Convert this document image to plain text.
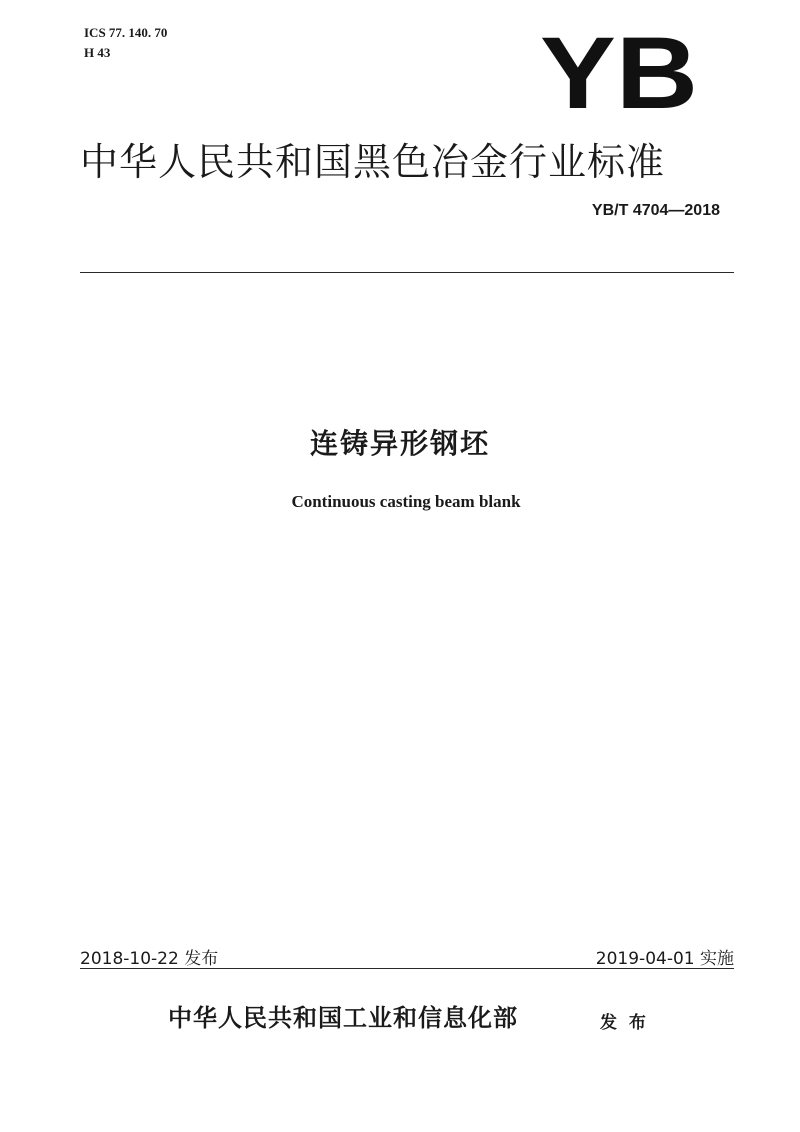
ICS 77. 140. 70
H 43	YB
中华人民共和国黑色冶金行业标准
YB/T 4704—2018
连铸异形钢坯
Continuous casting beam blank
2018-10-22 发布	2019-04-01 实施
中华人民共和国工业和信息化部	发 布
